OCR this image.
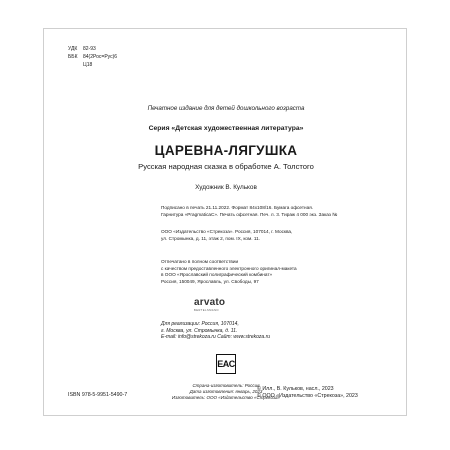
УДК 82-93
ББК 84(2Рос=Рус)6
Ц18
Печатное издание для детей дошкольного возраста
Серия «Детская художественная литература»
ЦАРЕВНА-ЛЯГУШКА
Русская народная сказка в обработке А. Толстого
Художник В. Кульков
Подписано в печать 21.11.2022. Формат 84х108/16. Бумага офсетная.
Гарнитура «PragmaticaC». Печать офсетная. Печ. л. 3. Тираж 4 000 экз. Заказ №
ООО «Издательство «Стрекоза». Россия, 107014, г. Москва,
ул. Стромынка, д. 11, этаж 2, пом. IX, ком. 11.
Отпечатано в полном соответствии
с качеством предоставленного электронного оригинал-макета
в ООО «Ярославский полиграфический комбинат»
Россия, 150049, Ярославль, ул. Свободы, 97
arvato
BERTELSMANN
Для реализации: Россия, 107014,
г. Москва, ул. Стромынка, д. 11.
E-mail: info@strekoza.ru Сайт: www.strekoza.ru
EAC
Страна-изготовитель: Россия
Дата изготовления: январь, 2023
Изготовитель: ООО «Издательство «Стрекоза»
ISBN 978-5-9951-5490-7
© Илл., В. Кульков, насл., 2023
© ООО «Издательство «Стрекоза», 2023
